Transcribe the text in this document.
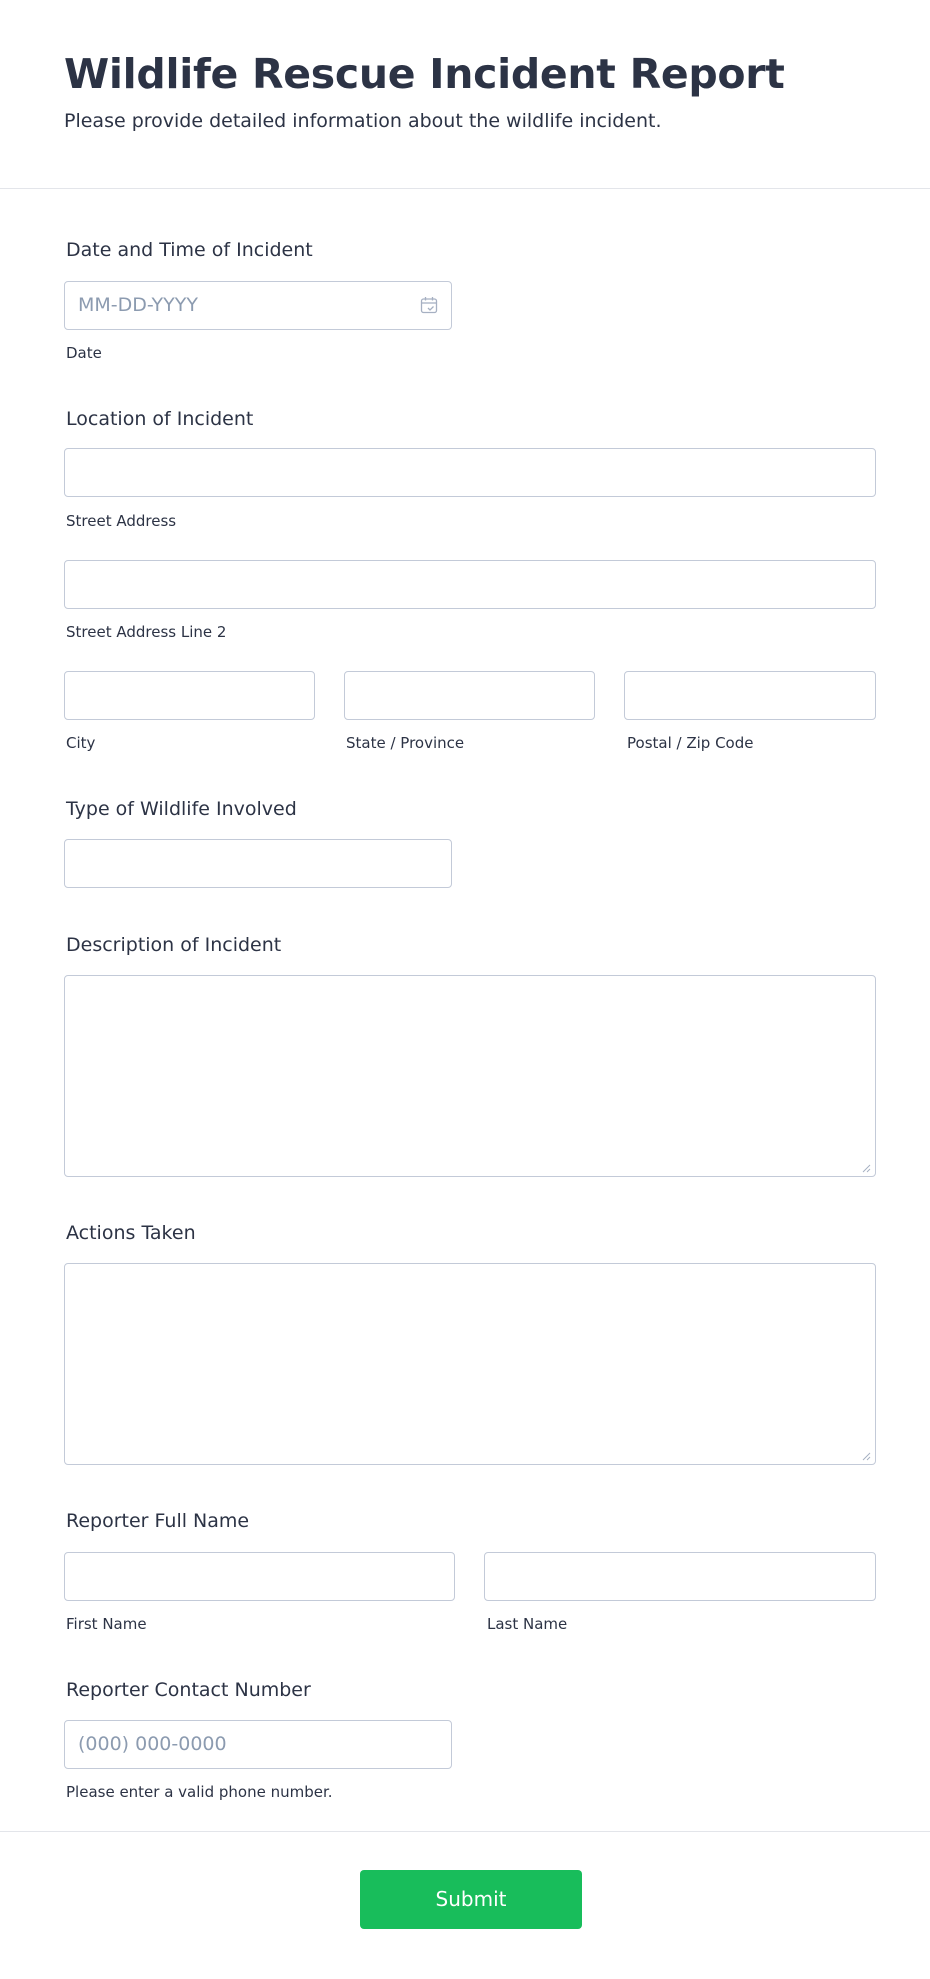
Wildlife Rescue Incident Report
Please provide detailed information about the wildlife incident.
Date and Time of Incident
MM-DD-YYYY
Date
Location of Incident
Street Address
Street Address Line 2
City	State / Province	Postal / Zip Code
Type of Wildlife Involved
Description of Incident
Actions Taken
Reporter Full Name
First Name	Last Name
Reporter Contact Number
(000) 000-0000
Please enter a valid phone number.
Submit
